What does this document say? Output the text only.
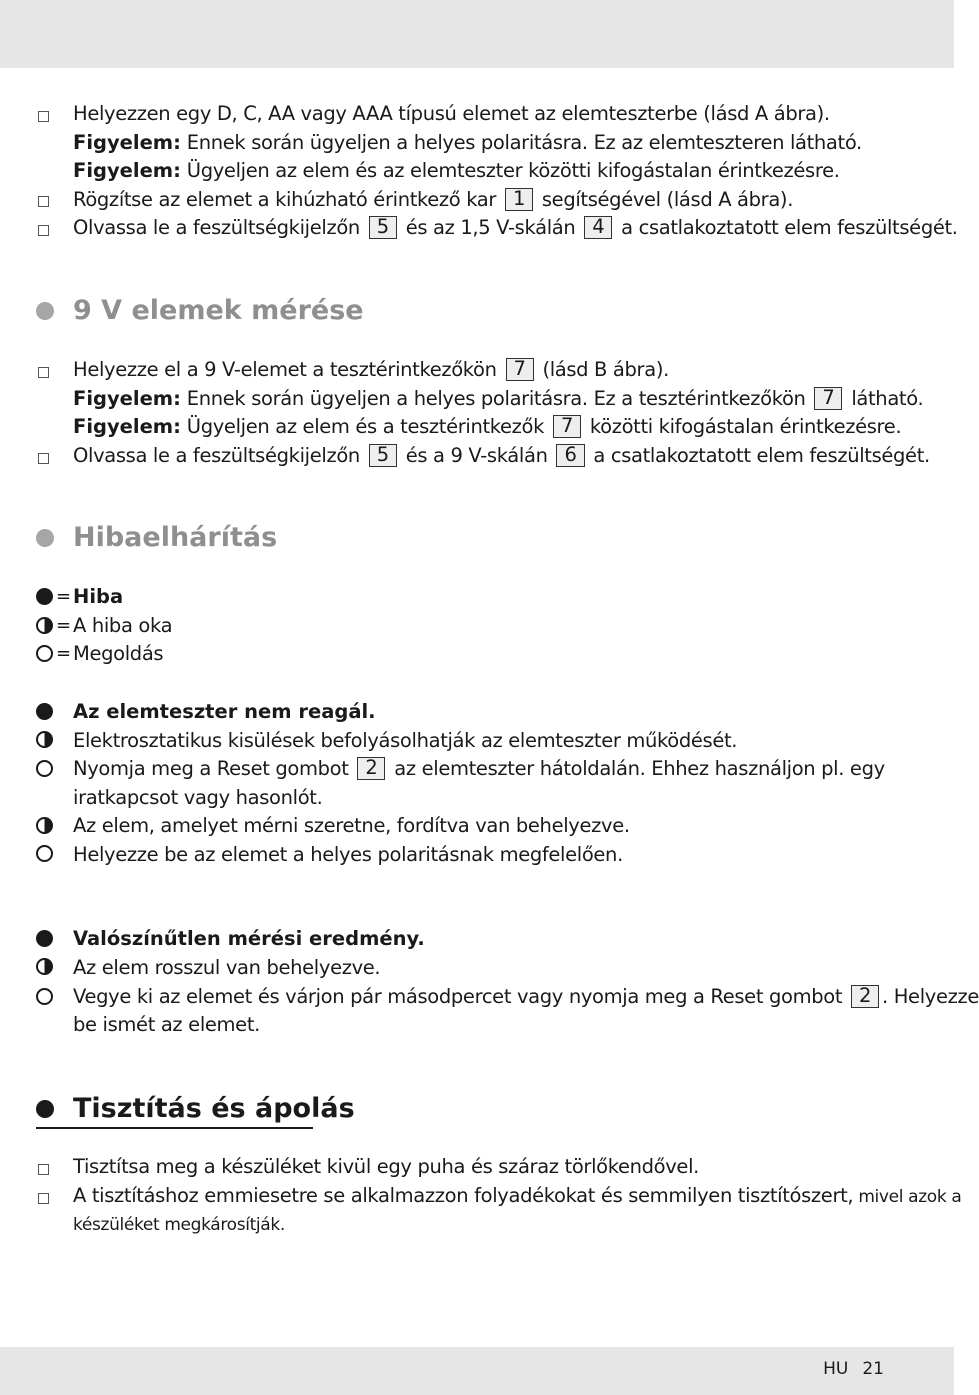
Helyezzen egy D, C, AA vagy AAA típusú elemet az elemteszterbe (lásd A ábra).
Figyelem: Ennek során ügyeljen a helyes polaritásra. Ez az elemteszteren látható.
Figyelem: Ügyeljen az elem és az elemteszter közötti kifogástalan érintkezésre.
Rögzítse az elemet a kihúzható érintkező kar 1 segítségével (lásd A ábra).
Olvassa le a feszültségkijelzőn 5 és az 1,5 V-skálán 4 a csatlakoztatott elem feszültségét.
9 V elemek mérése
Helyezze el a 9 V-elemet a tesztérintkezőkön 7 (lásd B ábra).
Figyelem: Ennek során ügyeljen a helyes polaritásra. Ez a tesztérintkezőkön 7 látható.
Figyelem: Ügyeljen az elem és a tesztérintkezők 7 közötti kifogástalan érintkezésre.
Olvassa le a feszültségkijelzőn 5 és a 9 V-skálán 6 a csatlakoztatott elem feszültségét.
Hibaelhárítás
= Hiba
= A hiba oka
= Megoldás
Az elemteszter nem reagál.
Elektrosztatikus kisülések befolyásolhatják az elemteszter működését.
Nyomja meg a Reset gombot 2 az elemteszter hátoldalán. Ehhez használjon pl. egy
iratkapcsot vagy hasonlót.
Az elem, amelyet mérni szeretne, fordítva van behelyezve.
Helyezze be az elemet a helyes polaritásnak megfelelően.
Valószínűtlen mérési eredmény.
Az elem rosszul van behelyezve.
Vegye ki az elemet és várjon pár másodpercet vagy nyomja meg a Reset gombot 2 . Helyezze
be ismét az elemet.
Tisztítás és ápolás
Tisztítsa meg a készüléket kivül egy puha és száraz törlőkendővel.
A tisztításhoz emmiesetre se alkalmazzon folyadékokat és semmilyen tisztítószert, mivel azok a
készüléket megkárosítják.
HU 21
